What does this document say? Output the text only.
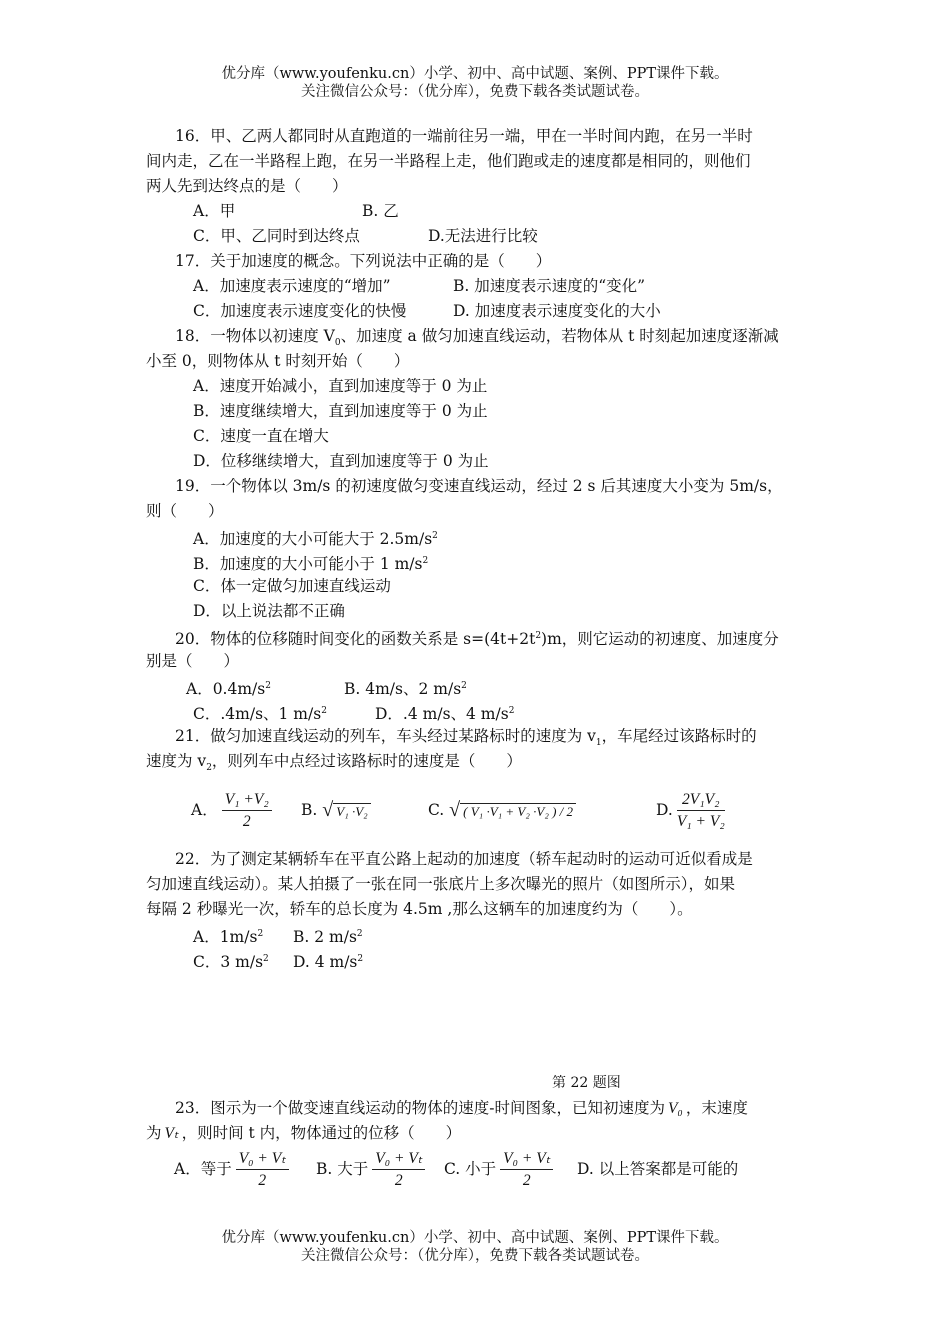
优分库（www.youfenku.cn）小学、初中、高中试题、案例、PPT课件下载。
关注微信公众号：（优分库），免费下载各类试题试卷。
16．甲、乙两人都同时从直跑道的一端前往另一端，甲在一半时间内跑，在另一半时
间内走，乙在一半路程上跑，在另一半路程上走，他们跑或走的速度都是相同的，则他们
两人先到达终点的是（　　）
A．甲	B. 乙
C．甲、乙同时到达终点	D.无法进行比较
17．关于加速度的概念。下列说法中正确的是（　　）
A．加速度表示速度的“增加”	B. 加速度表示速度的“变化”
C．加速度表示速度变化的快慢	D. 加速度表示速度变化的大小
18．一物体以初速度 $V_0$、加速度 a 做匀加速直线运动，若物体从 t 时刻起加速度逐渐减
小至 0，则物体从 t 时刻开始（　　）
A．速度开始减小，直到加速度等于 0 为止
B．速度继续增大，直到加速度等于 0 为止
C．速度一直在增大
D．位移继续增大，直到加速度等于 0 为止
19．一个物体以 3m/s 的初速度做匀变速直线运动，经过 2 s 后其速度大小变为 5m/s，
则（　　）
A．加速度的大小可能大于 $2.5m/s^2$
B．加速度的大小可能小于 1 $m/s^2$
C．体一定做匀加速直线运动
D．以上说法都不正确
20．物体的位移随时间变化的函数关系是 $s=(4t+2t^2)m$，则它运动的初速度、加速度分
别是（　　）
A．$0.4m/s^2$	B. 4m/s、2 $m/s^2$
C．.4m/s、1 $m/s^2$	D．.4 m/s、4 $m/s^2$
21．做匀加速直线运动的列车，车头经过某路标时的速度为 $v_1$，车尾经过该路标时的
速度为 $v_2$，则列车中点经过该路标时的速度是（　　）
A． $\frac{\text{V₁ +V₂}}{2} B$. √ V₁ ·V₂	C. √ ( V₁ ·V₁ + V₂ ·V₂ ) / 2	D. $\frac{\text{2V₁V₂}}{\text{V₁ + V₂}}$
22．为了测定某辆轿车在平直公路上起动的加速度（轿车起动时的运动可近似看成是
匀加速直线运动）。某人拍摄了一张在同一张底片上多次曝光的照片（如图所示），如果
每隔 2 秒曝光一次，轿车的总长度为 4.5m ,那么这辆车的加速度约为（　　）。
A．$1m/s^2$ B. 2 $m/s^2$
C．3 $m/s^2$ D. 4 $m/s^2$
第 22 题图
23．图示为一个做变速直线运动的物体的速度-时间图象，已知初速度为 V₀ ，末速度
为 Vₜ ，则时间 t 内，物体通过的位移（　　）
A．等于 $\frac{\text{V₀ + Vₜ}}{2} B$. 大于 $\frac{\text{V₀ + Vₜ}}{2} C$. 小于 $\frac{\text{V₀ + Vₜ}}{2} D$. 以上答案都是可能的
优分库（www.youfenku.cn）小学、初中、高中试题、案例、PPT课件下载。
关注微信公众号：（优分库），免费下载各类试题试卷。
